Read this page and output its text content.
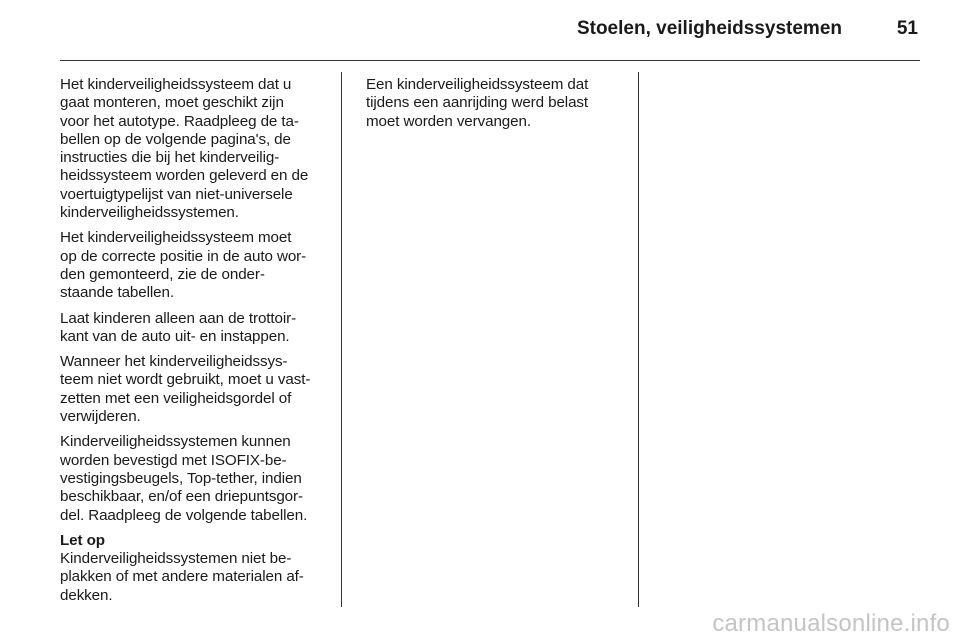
Stoelen, veiligheidssystemen	51

Het kinderveiligheidssysteem dat u
gaat monteren, moet geschikt zijn
voor het autotype. Raadpleeg de ta-
bellen op de volgende pagina's, de
instructies die bij het kinderveilig-
heidssysteem worden geleverd en de
voertuigtypelijst van niet-universele
kinderveiligheidssystemen.

Het kinderveiligheidssysteem moet
op de correcte positie in de auto wor-
den gemonteerd, zie de onder-
staande tabellen.

Laat kinderen alleen aan de trottoir-
kant van de auto uit- en instappen.

Wanneer het kinderveiligheidssys-
teem niet wordt gebruikt, moet u vast-
zetten met een veiligheidsgordel of
verwijderen.

Kinderveiligheidssystemen kunnen
worden bevestigd met ISOFIX-be-
vestigingsbeugels, Top-tether, indien
beschikbaar, en/of een driepuntsgor-
del. Raadpleeg de volgende tabellen.

Let op
Kinderveiligheidssystemen niet be-
plakken of met andere materialen af-
dekken.

Een kinderveiligheidssysteem dat
tijdens een aanrijding werd belast
moet worden vervangen.

carmanualsonline.info
